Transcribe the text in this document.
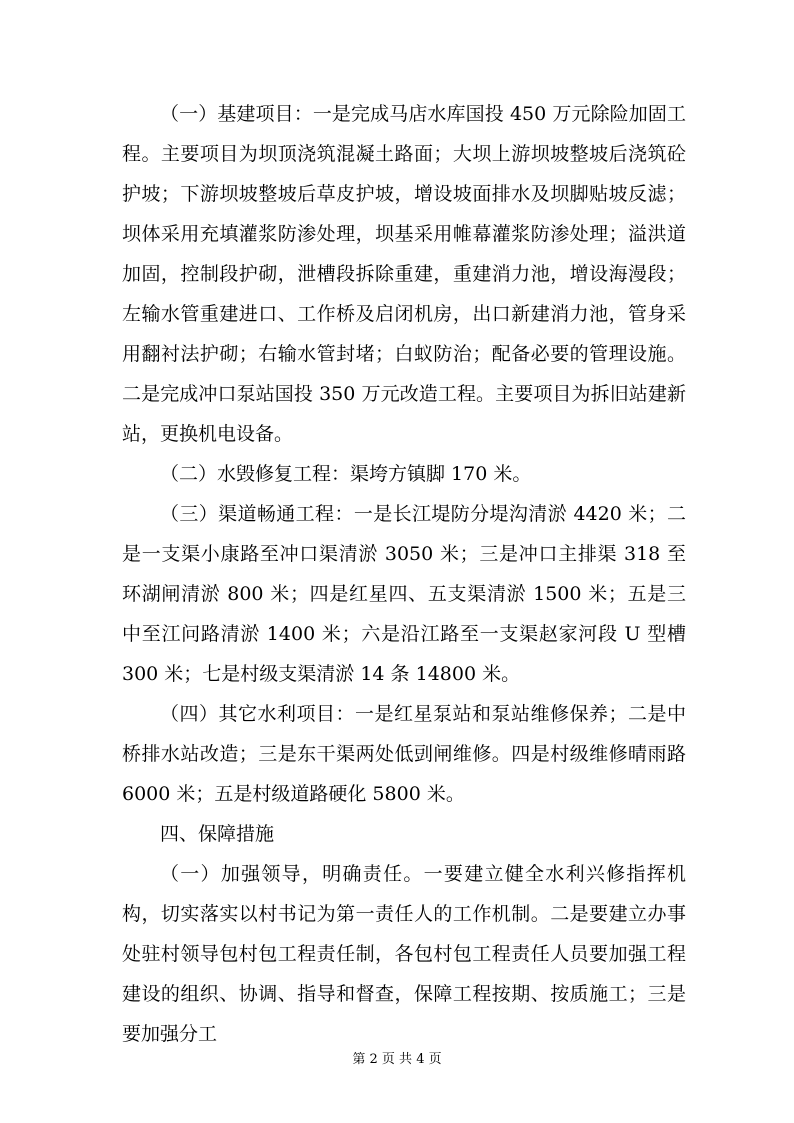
（一）基建项目：一是完成马店水库国投 450 万元除险加固工程。主要项目为坝顶浇筑混凝土路面；大坝上游坝坡整坡后浇筑砼护坡；下游坝坡整坡后草皮护坡，增设坡面排水及坝脚贴坡反滤；坝体采用充填灌浆防渗处理，坝基采用帷幕灌浆防渗处理；溢洪道加固，控制段护砌，泄槽段拆除重建，重建消力池，增设海漫段；左输水管重建进口、工作桥及启闭机房，出口新建消力池，管身采用翻衬法护砌；右输水管封堵；白蚁防治；配备必要的管理设施。二是完成冲口泵站国投 350 万元改造工程。主要项目为拆旧站建新站，更换机电设备。

（二）水毁修复工程：渠垮方镇脚 170 米。

（三）渠道畅通工程：一是长江堤防分堤沟清淤 4420 米；二是一支渠小康路至冲口渠清淤 3050 米；三是冲口主排渠 318 至环湖闸清淤 800 米；四是红星四、五支渠清淤 1500 米；五是三中至江问路清淤 1400 米；六是沿江路至一支渠赵家河段 U 型槽 300 米；七是村级支渠清淤 14 条 14800 米。

（四）其它水利项目：一是红星泵站和泵站维修保养；二是中桥排水站改造；三是东干渠两处低剅闸维修。四是村级维修晴雨路 6000 米；五是村级道路硬化 5800 米。

四、保障措施

（一）加强领导，明确责任。一要建立健全水利兴修指挥机构，切实落实以村书记为第一责任人的工作机制。二是要建立办事处驻村领导包村包工程责任制，各包村包工程责任人员要加强工程建设的组织、协调、指导和督查，保障工程按期、按质施工；三是要加强分工

第 2 页 共 4 页
